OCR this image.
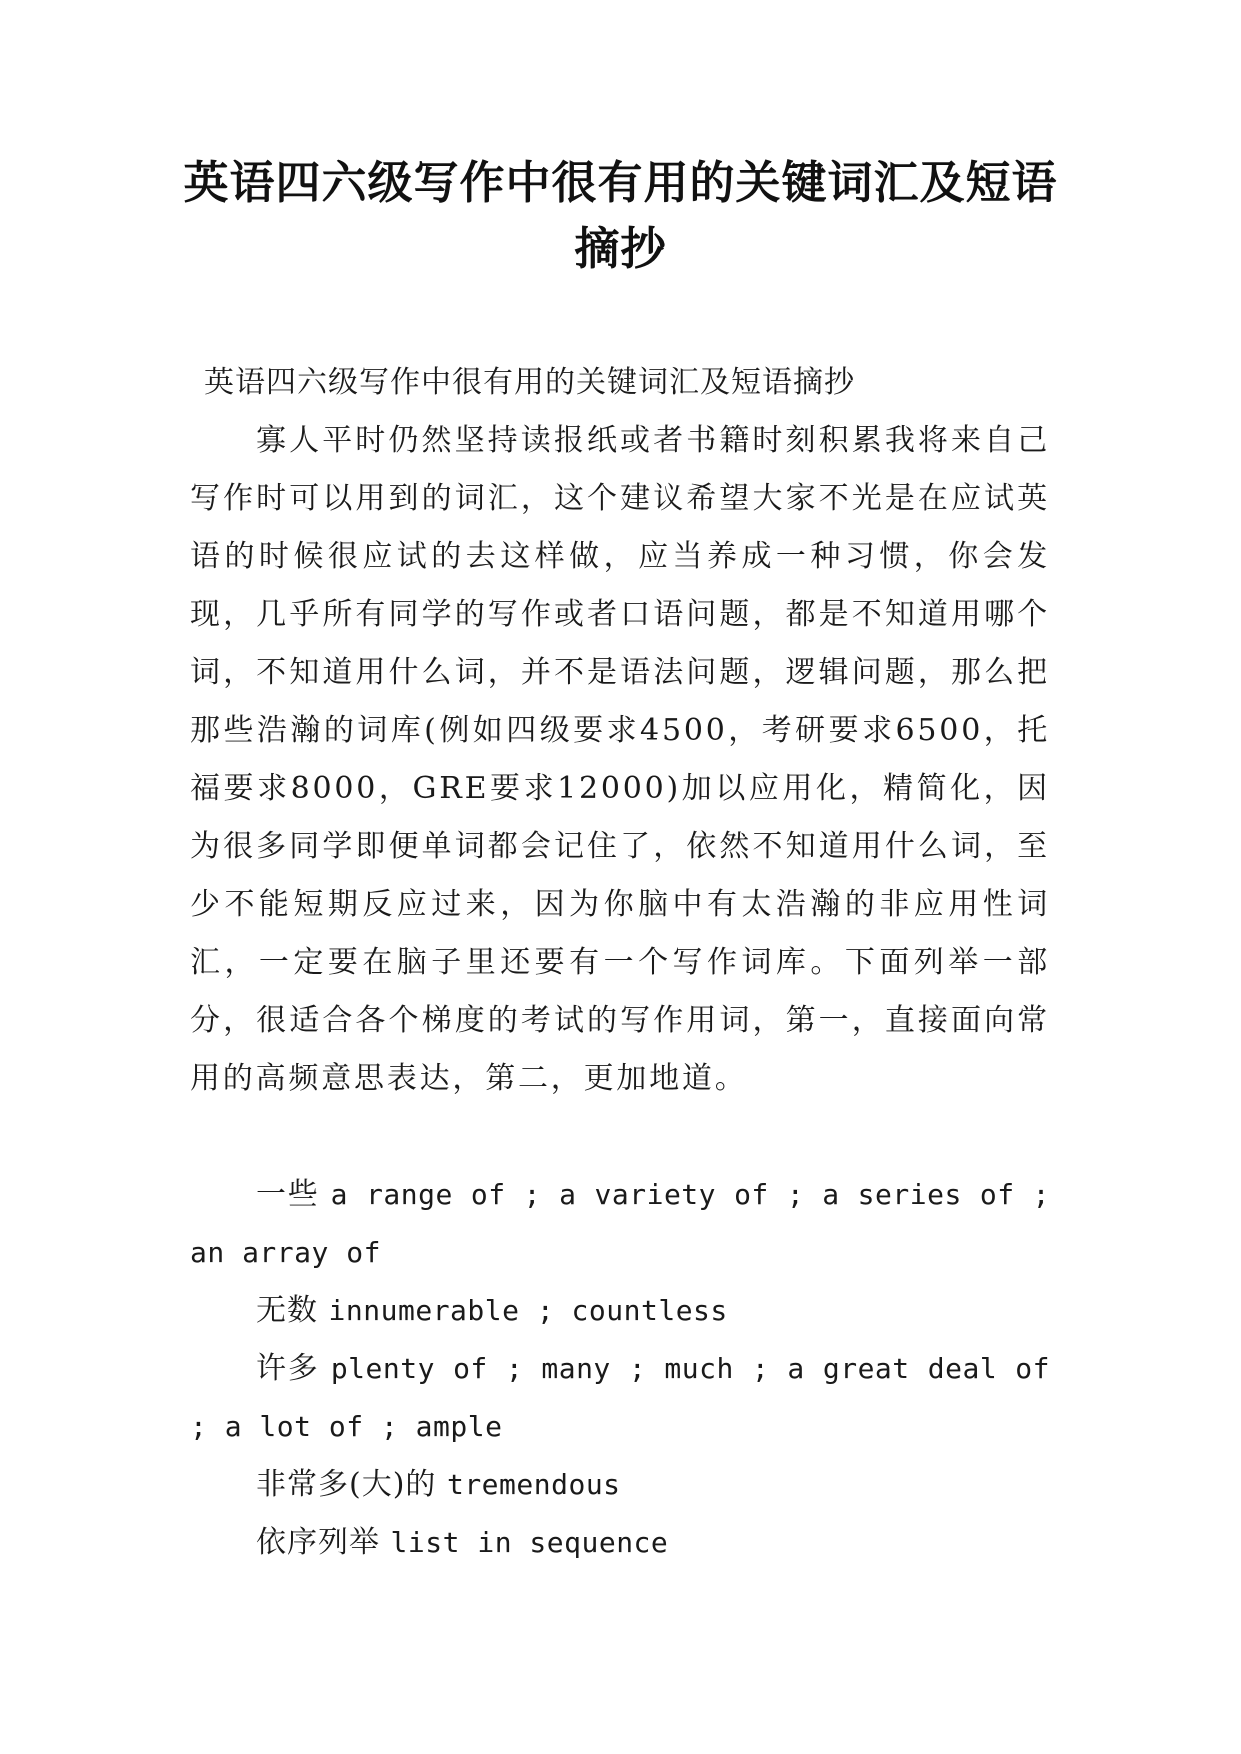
英语四六级写作中很有用的关键词汇及短语摘抄

英语四六级写作中很有用的关键词汇及短语摘抄

寡人平时仍然坚持读报纸或者书籍时刻积累我将来自己写作时可以用到的词汇，这个建议希望大家不光是在应试英语的时候很应试的去这样做，应当养成一种习惯，你会发现，几乎所有同学的写作或者口语问题，都是不知道用哪个词，不知道用什么词，并不是语法问题，逻辑问题，那么把那些浩瀚的词库(例如四级要求4500，考研要求6500，托福要求8000，GRE要求12000)加以应用化，精简化，因为很多同学即便单词都会记住了，依然不知道用什么词，至少不能短期反应过来，因为你脑中有太浩瀚的非应用性词汇，一定要在脑子里还要有一个写作词库。下面列举一部分，很适合各个梯度的考试的写作用词，第一，直接面向常用的高频意思表达，第二，更加地道。

一些 a range of ; a variety of ; a series of ; an array of

无数 innumerable ; countless

许多 plenty of ; many ; much ; a great deal of ; a lot of ; ample

非常多(大)的 tremendous

依序列举 list in sequence
